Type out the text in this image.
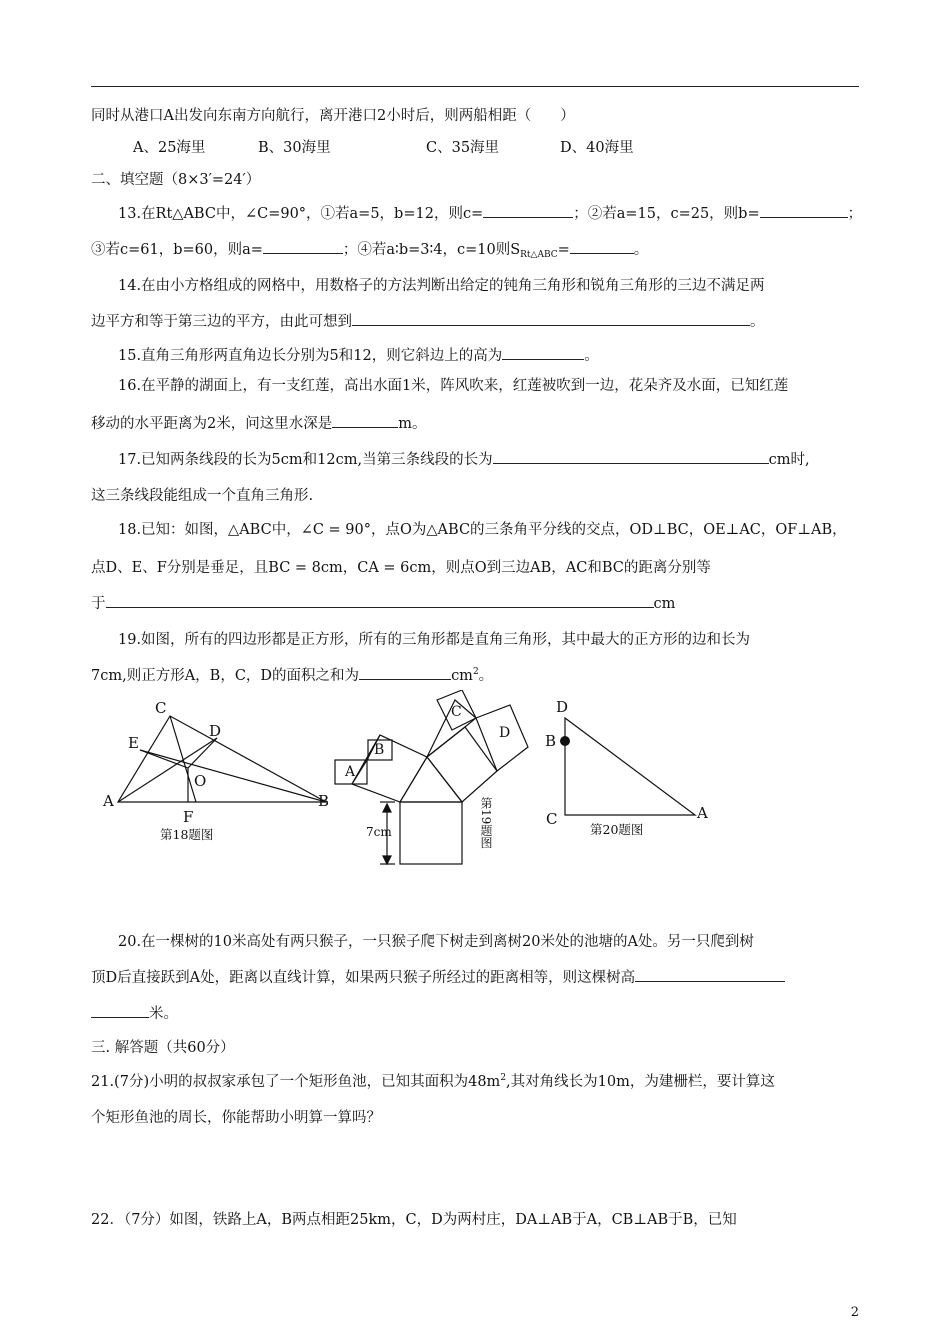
同时从港口A出发向东南方向航行，离开港口2小时后，则两船相距（　　）
A、25海里	B、30海里	C、35海里	D、40海里
二、填空题（8×3′=24′）
13.在Rt△ABC中，∠C=90°，①若a=5，b=12，则c=	；②若a=15，c=25，则b=	；
③若c=61，b=60，则a=	；④若a∶b=3∶4，c=10则$S_{Rt\triangle ABC}=$	。
14.在由小方格组成的网格中，用数格子的方法判断出给定的钝角三角形和锐角三角形的三边不满足两
边平方和等于第三边的平方，由此可想到	。
15.直角三角形两直角边长分别为5和12，则它斜边上的高为	。
16.在平静的湖面上，有一支红莲，高出水面1米，阵风吹来，红莲被吹到一边，花朵齐及水面，已知红莲
移动的水平距离为2米，问这里水深是	m。
17.已知两条线段的长为5cm和12cm,当第三条线段的长为	cm时,
这三条线段能组成一个直角三角形.
18.已知：如图，△ABC中，∠C = 90°，点O为△ABC的三条角平分线的交点，OD⊥BC，OE⊥AC，OF⊥AB，
点D、E、F分别是垂足，且BC = 8cm，CA = 6cm，则点O到三边AB，AC和BC的距离分别等
于	cm
19.如图，所有的四边形都是正方形，所有的三角形都是直角三角形，其中最大的正方形的边和长为
7cm,则正方形A，B，C，D的面积之和为	$cm^2$。
A	B
C
D
E
F
O
第18题图
A
B
C
D
7cm	第19题图
D
B
C	A
第20题图
20.在一棵树的10米高处有两只猴子，一只猴子爬下树走到离树20米处的池塘的A处。另一只爬到树
顶D后直接跃到A处，距离以直线计算，如果两只猴子所经过的距离相等，则这棵树高
米。
三. 解答题（共60分）
21.(7分)小明的叔叔家承包了一个矩形鱼池，已知其面积为$48m^2$,其对角线长为10m，为建栅栏，要计算这
个矩形鱼池的周长，你能帮助小明算一算吗？
22．（7分）如图，铁路上A，B两点相距25km，C，D为两村庄，DA⊥AB于A，CB⊥AB于B，已知
2
